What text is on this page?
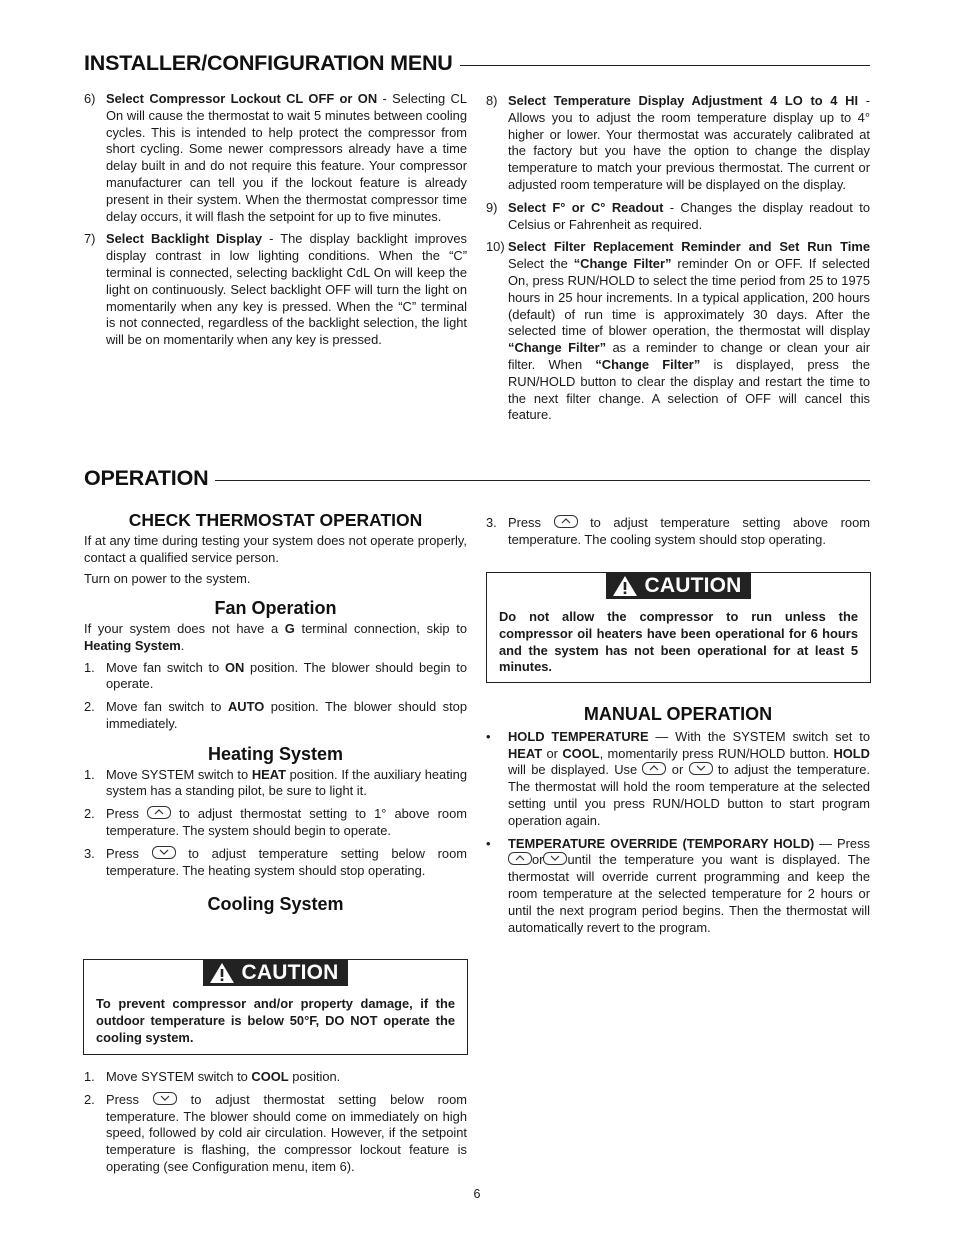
INSTALLER/CONFIGURATION MENU
6) Select Compressor Lockout CL OFF or ON - Selecting CL On will cause the thermostat to wait 5 minutes between cooling cycles. This is intended to help protect the compressor from short cycling. Some newer compressors already have a time delay built in and do not require this feature. Your compressor manufacturer can tell you if the lockout feature is already present in their system. When the thermostat compressor time delay occurs, it will flash the setpoint for up to five minutes.
7) Select Backlight Display - The display backlight improves display contrast in low lighting conditions. When the “C” terminal is connected, selecting backlight CdL On will keep the light on continuously. Select backlight OFF will turn the light on momentarily when any key is pressed. When the “C” terminal is not connected, regardless of the backlight selection, the light will be on momentarily when any key is pressed.
8) Select Temperature Display Adjustment 4 LO to 4 HI - Allows you to adjust the room temperature display up to 4° higher or lower. Your thermostat was accurately calibrated at the factory but you have the option to change the display temperature to match your previous thermostat. The current or adjusted room temperature will be displayed on the display.
9) Select F° or C° Readout - Changes the display readout to Celsius or Fahrenheit as required.
10) Select Filter Replacement Reminder and Set Run Time Select the “Change Filter” reminder On or OFF. If selected On, press RUN/HOLD to select the time period from 25 to 1975 hours in 25 hour increments. In a typical application, 200 hours (default) of run time is approximately 30 days. After the selected time of blower operation, the thermostat will display “Change Filter” as a reminder to change or clean your air filter. When “Change Filter” is displayed, press the RUN/HOLD button to clear the display and restart the time to the next filter change. A selection of OFF will cancel this feature.
OPERATION

CHECK THERMOSTAT OPERATION

If at any time during testing your system does not operate properly, contact a qualified service person.

Turn on power to the system.

Fan Operation

If your system does not have a G terminal connection, skip to Heating System.

1. Move fan switch to ON position. The blower should begin to operate.
2. Move fan switch to AUTO position. The blower should stop immediately.

Heating System

1. Move SYSTEM switch to HEAT position. If the auxiliary heating system has a standing pilot, be sure to light it.
2. Press
to adjust thermostat setting to 1° above room temperature. The system should begin to operate.
3. Press
to adjust temperature setting below room temperature. The heating system should stop operating.

Cooling System

CAUTION
To prevent compressor and/or property damage, if the outdoor temperature is below 50°F, DO NOT operate the cooling system.
1. Move SYSTEM switch to COOL position.
2. Press
to adjust thermostat setting below room temperature. The blower should come on immediately on high speed, followed by cold air circulation. However, if the setpoint temperature is flashing, the compressor lockout feature is operating (see Configuration menu, item 6).
3. Press
to adjust temperature setting above room temperature. The cooling system should stop operating.
CAUTION
Do not allow the compressor to run unless the compressor oil heaters have been operational for 6 hours and the system has not been operational for at least 5 minutes.

MANUAL OPERATION

•	HOLD TEMPERATURE — With the SYSTEM switch set to HEAT or COOL, momentarily press RUN/HOLD button. HOLD will be displayed. Use
or
to adjust the temperature. The thermostat will hold the room temperature at the selected setting until you press RUN/HOLD button to start program operation again.
•	TEMPERATURE OVERRIDE (TEMPORARY HOLD) — Press
or until the temperature you want is displayed. The thermostat will override current programming and keep the room temperature at the selected temperature for 2 hours or until the next program period begins. Then the thermostat will automatically revert to the program.
6
